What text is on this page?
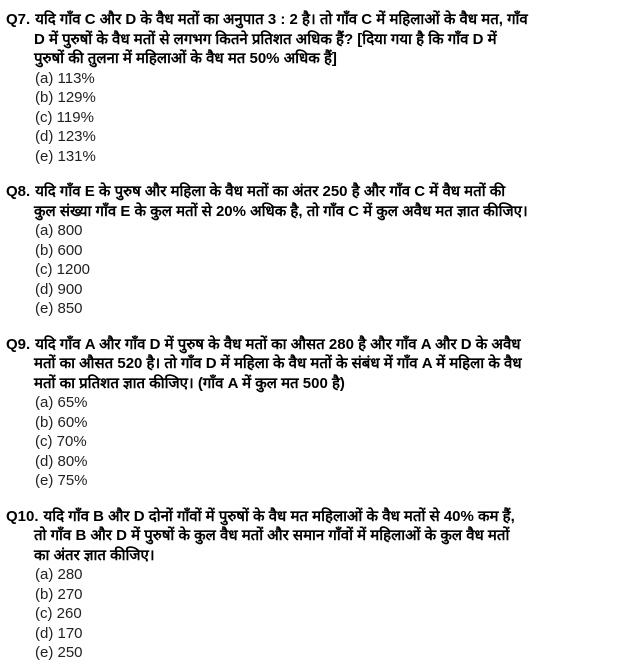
Q7. यदि गाँव C और D के वैध मतों का अनुपात 3 : 2 है। तो गाँव C में महिलाओं के वैध मत, गाँव
D में पुरुषों के वैध मतों से लगभग कितने प्रतिशत अधिक हैं? [दिया गया है कि गाँव D में
पुरुषों की तुलना में महिलाओं के वैध मत 50% अधिक हैं]
(a) 113%
(b) 129%
(c) 119%
(d) 123%
(e) 131%
Q8. यदि गाँव E के पुरुष और महिला के वैध मतों का अंतर 250 है और गाँव C में वैध मतों की
कुल संख्या गाँव E के कुल मतों से 20% अधिक है, तो गाँव C में कुल अवैध मत ज्ञात कीजिए।
(a) 800
(b) 600
(c) 1200
(d) 900
(e) 850
Q9. यदि गाँव A और गाँव D में पुरुष के वैध मतों का औसत 280 है और गाँव A और D के अवैध
मतों का औसत 520 है। तो गाँव D में महिला के वैध मतों के संबंध में गाँव A में महिला के वैध
मतों का प्रतिशत ज्ञात कीजिए। (गाँव A में कुल मत 500 है)
(a) 65%
(b) 60%
(c) 70%
(d) 80%
(e) 75%
Q10. यदि गाँव B और D दोनों गाँवों में पुरुषों के वैध मत महिलाओं के वैध मतों से 40% कम हैं,
तो गाँव B और D में पुरुषों के कुल वैध मतों और समान गाँवों में महिलाओं के कुल वैध मतों
का अंतर ज्ञात कीजिए।
(a) 280
(b) 270
(c) 260
(d) 170
(e) 250
